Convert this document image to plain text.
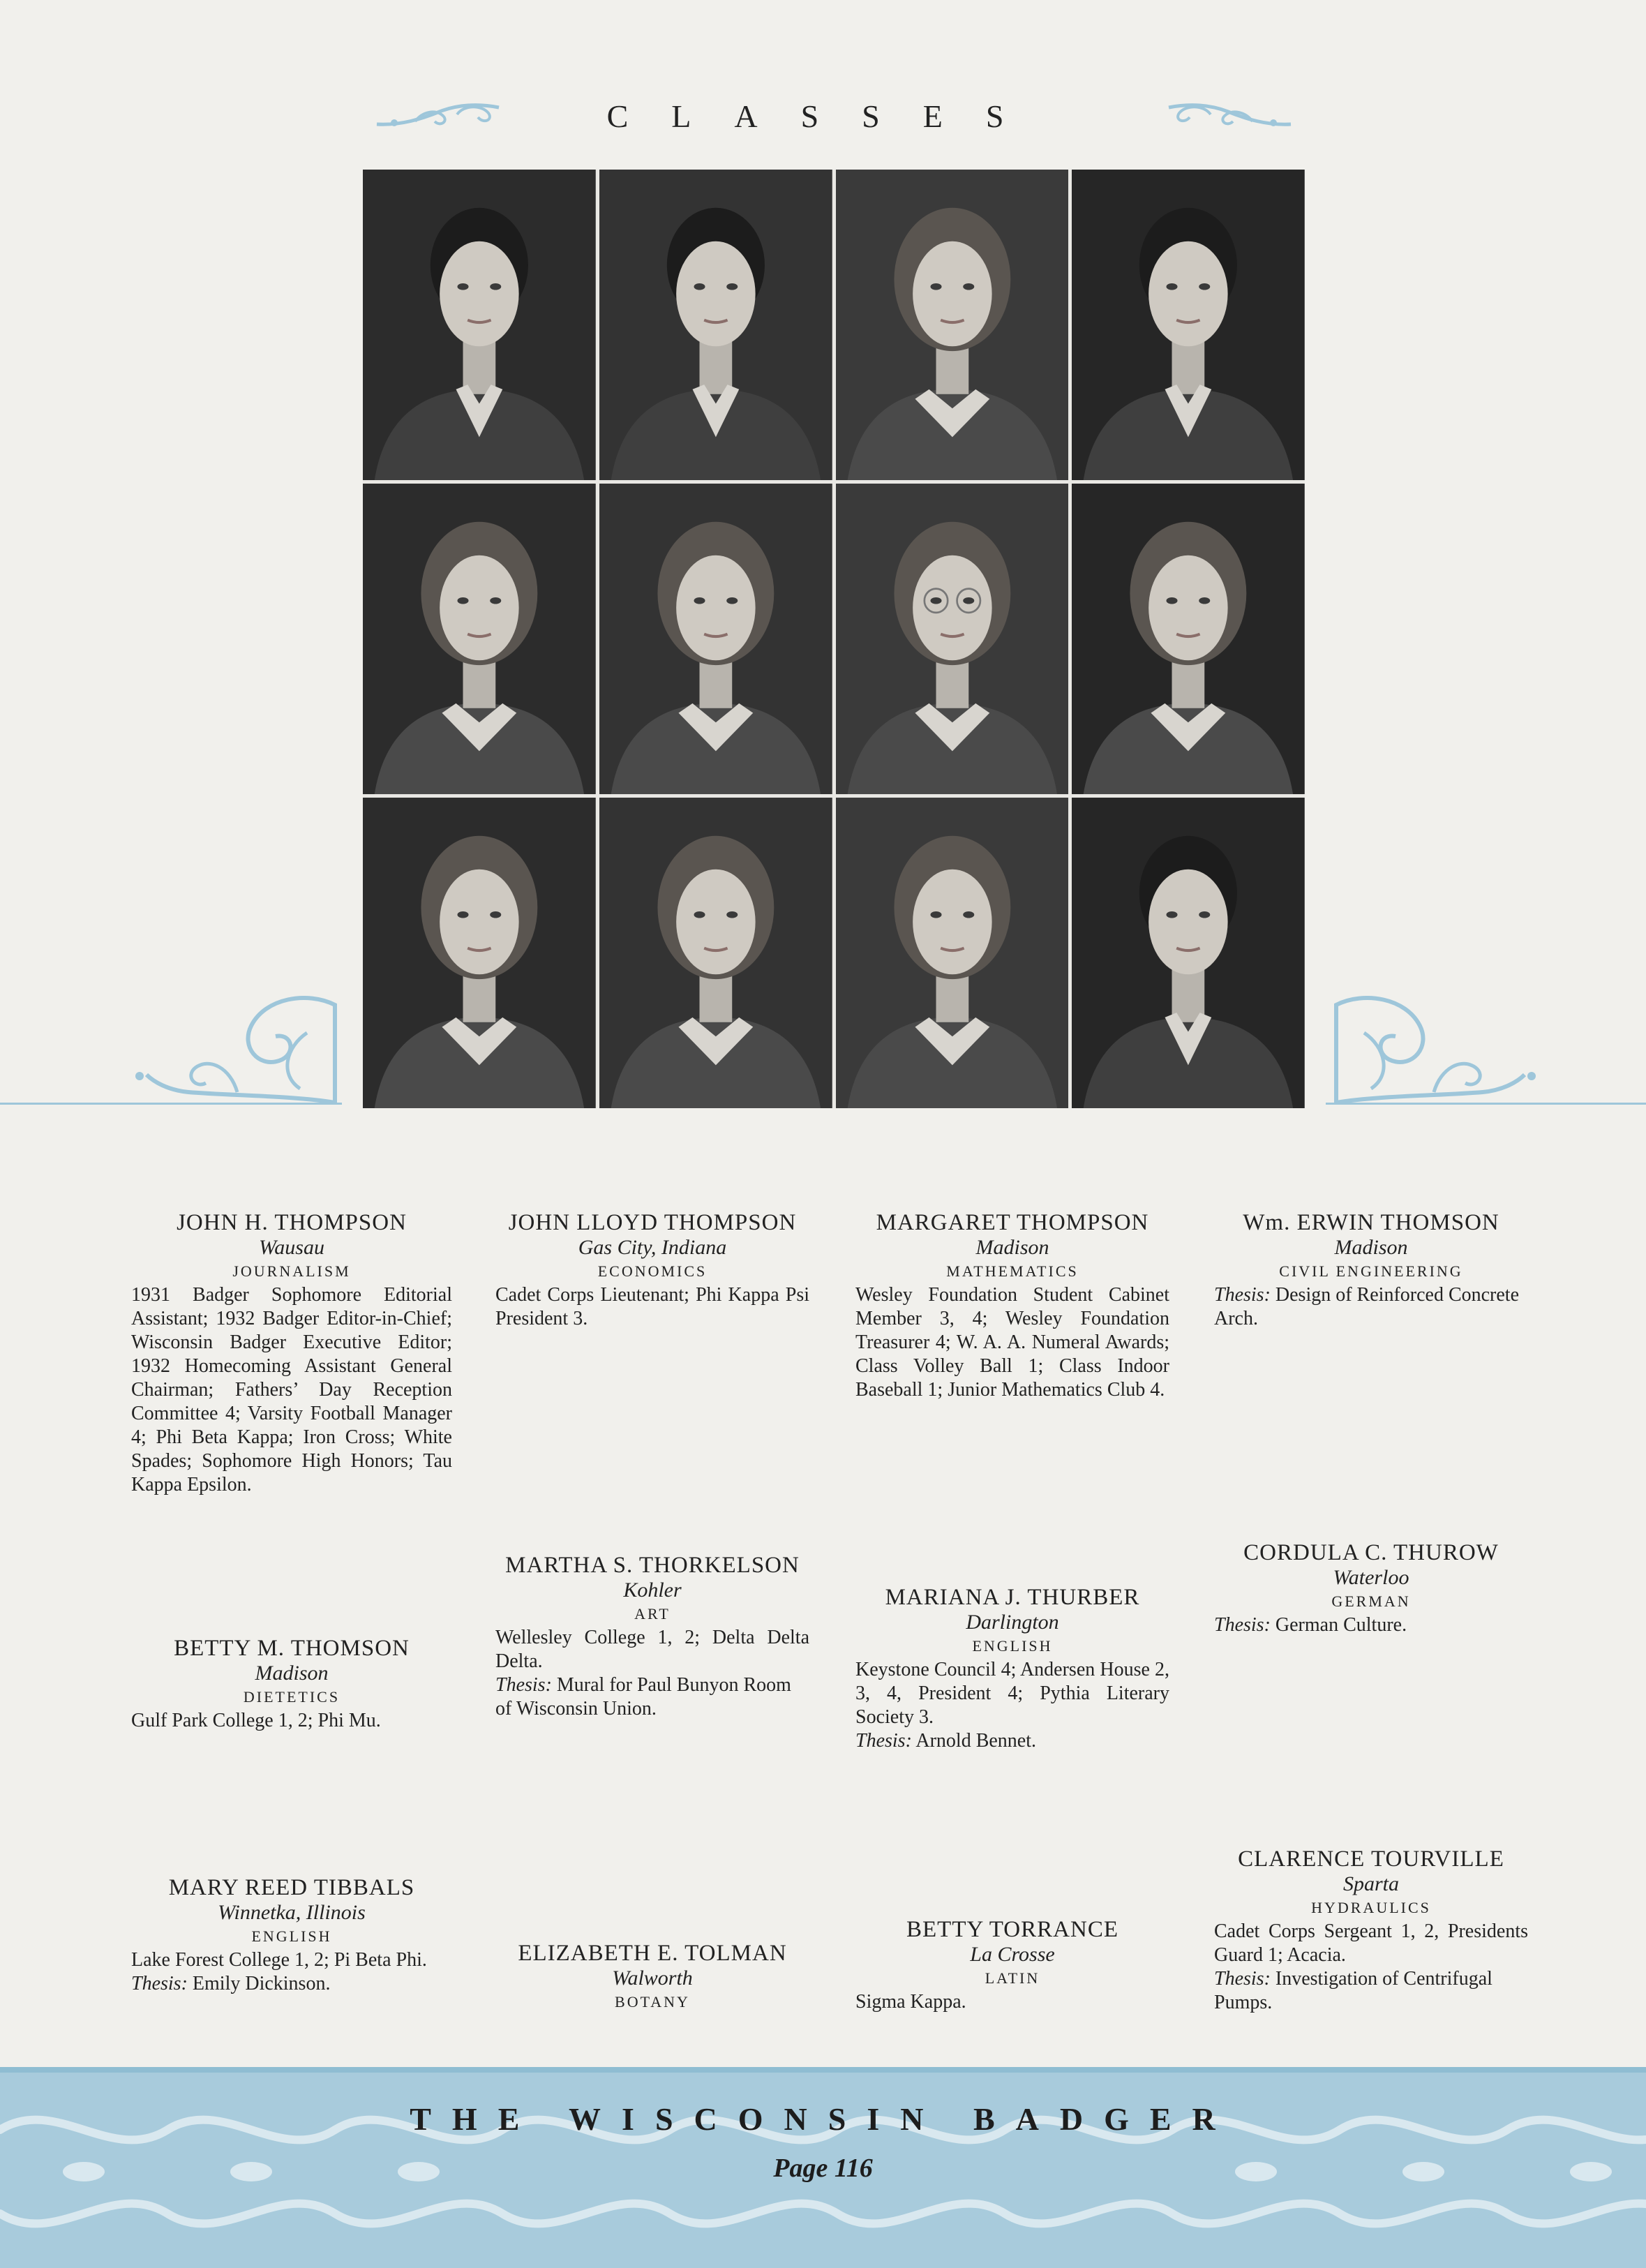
CLASSES
JOHN H. THOMPSON
Wausau
JOURNALISM
1931 Badger Sophomore Editorial Assistant; 1932 Badger Editor-in-Chief; Wisconsin Badger Executive Editor; 1932 Homecoming Assistant General Chairman; Fathers’ Day Reception Committee 4; Varsity Football Manager 4; Phi Beta Kappa; Iron Cross; White Spades; Sophomore High Honors; Tau Kappa Epsilon.
JOHN LLOYD THOMPSON
Gas City, Indiana
ECONOMICS
Cadet Corps Lieutenant; Phi Kappa Psi President 3.
MARGARET THOMPSON
Madison
MATHEMATICS
Wesley Foundation Student Cabinet Member 3, 4; Wesley Foundation Treasurer 4; W. A. A. Numeral Awards; Class Volley Ball 1; Class Indoor Baseball 1; Junior Mathematics Club 4.
Wm. ERWIN THOMSON
Madison
CIVIL ENGINEERING
Thesis: Design of Reinforced Concrete Arch.
BETTY M. THOMSON
Madison
DIETETICS
Gulf Park College 1, 2; Phi Mu.
MARTHA S. THORKELSON
Kohler
ART
Wellesley College 1, 2; Delta Delta Delta.
Thesis: Mural for Paul Bunyon Room of Wisconsin Union.
MARIANA J. THURBER
Darlington
ENGLISH
Keystone Council 4; Andersen House 2, 3, 4, President 4; Pythia Literary Society 3.
Thesis: Arnold Bennet.
CORDULA C. THUROW
Waterloo
GERMAN
Thesis: German Culture.
MARY REED TIBBALS
Winnetka, Illinois
ENGLISH
Lake Forest College 1, 2; Pi Beta Phi.
Thesis: Emily Dickinson.
ELIZABETH E. TOLMAN
Walworth
BOTANY
BETTY TORRANCE
La Crosse
LATIN
Sigma Kappa.
CLARENCE TOURVILLE
Sparta
HYDRAULICS
Cadet Corps Sergeant 1, 2, Presidents Guard 1; Acacia.
Thesis: Investigation of Centrifugal Pumps.
THE WISCONSIN BADGER
Page 116
